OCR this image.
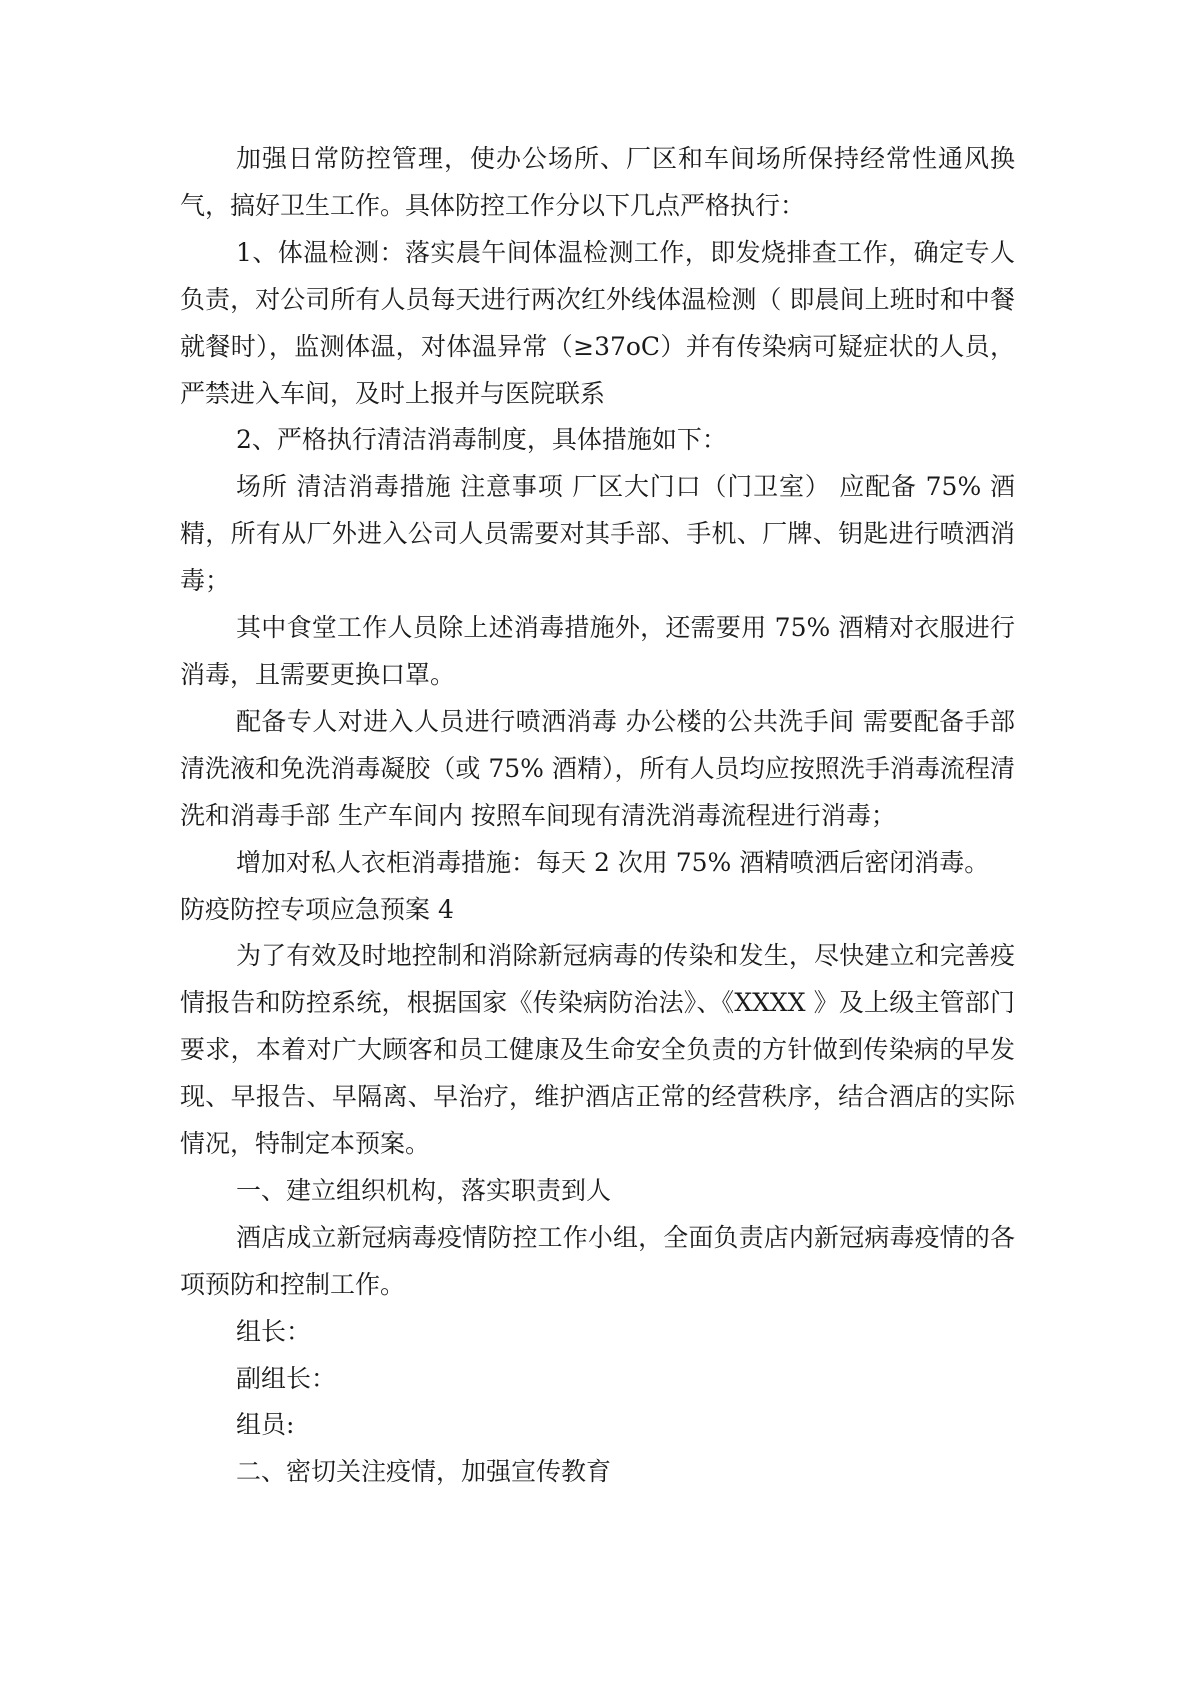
加强日常防控管理，使办公场所、厂区和车间场所保持经常性通风换气，搞好卫生工作。具体防控工作分以下几点严格执行：

1、体温检测：落实晨午间体温检测工作，即发烧排查工作，确定专人负责，对公司所有人员每天进行两次红外线体温检测（ 即晨间上班时和中餐就餐时），监测体温，对体温异常（≥37oC）并有传染病可疑症状的人员，严禁进入车间，及时上报并与医院联系

2、严格执行清洁消毒制度，具体措施如下：

场所 清洁消毒措施 注意事项 厂区大门口（门卫室） 应配备 75% 酒精，所有从厂外进入公司人员需要对其手部、手机、厂牌、钥匙进行喷洒消毒；

其中食堂工作人员除上述消毒措施外，还需要用 75% 酒精对衣服进行消毒，且需要更换口罩。

配备专人对进入人员进行喷洒消毒 办公楼的公共洗手间 需要配备手部清洗液和免洗消毒凝胶（或 75% 酒精），所有人员均应按照洗手消毒流程清洗和消毒手部 生产车间内 按照车间现有清洗消毒流程进行消毒；

增加对私人衣柜消毒措施：每天 2 次用 75% 酒精喷洒后密闭消毒。

防疫防控专项应急预案 4

为了有效及时地控制和消除新冠病毒的传染和发生，尽快建立和完善疫情报告和防控系统，根据国家《传染病防治法》、《XXXX 》及上级主管部门要求，本着对广大顾客和员工健康及生命安全负责的方针做到传染病的早发现、早报告、早隔离、早治疗，维护酒店正常的经营秩序，结合酒店的实际情况，特制定本预案。

一、建立组织机构，落实职责到人

酒店成立新冠病毒疫情防控工作小组，全面负责店内新冠病毒疫情的各项预防和控制工作。

组长：

副组长：

组员:

二、密切关注疫情，加强宣传教育
